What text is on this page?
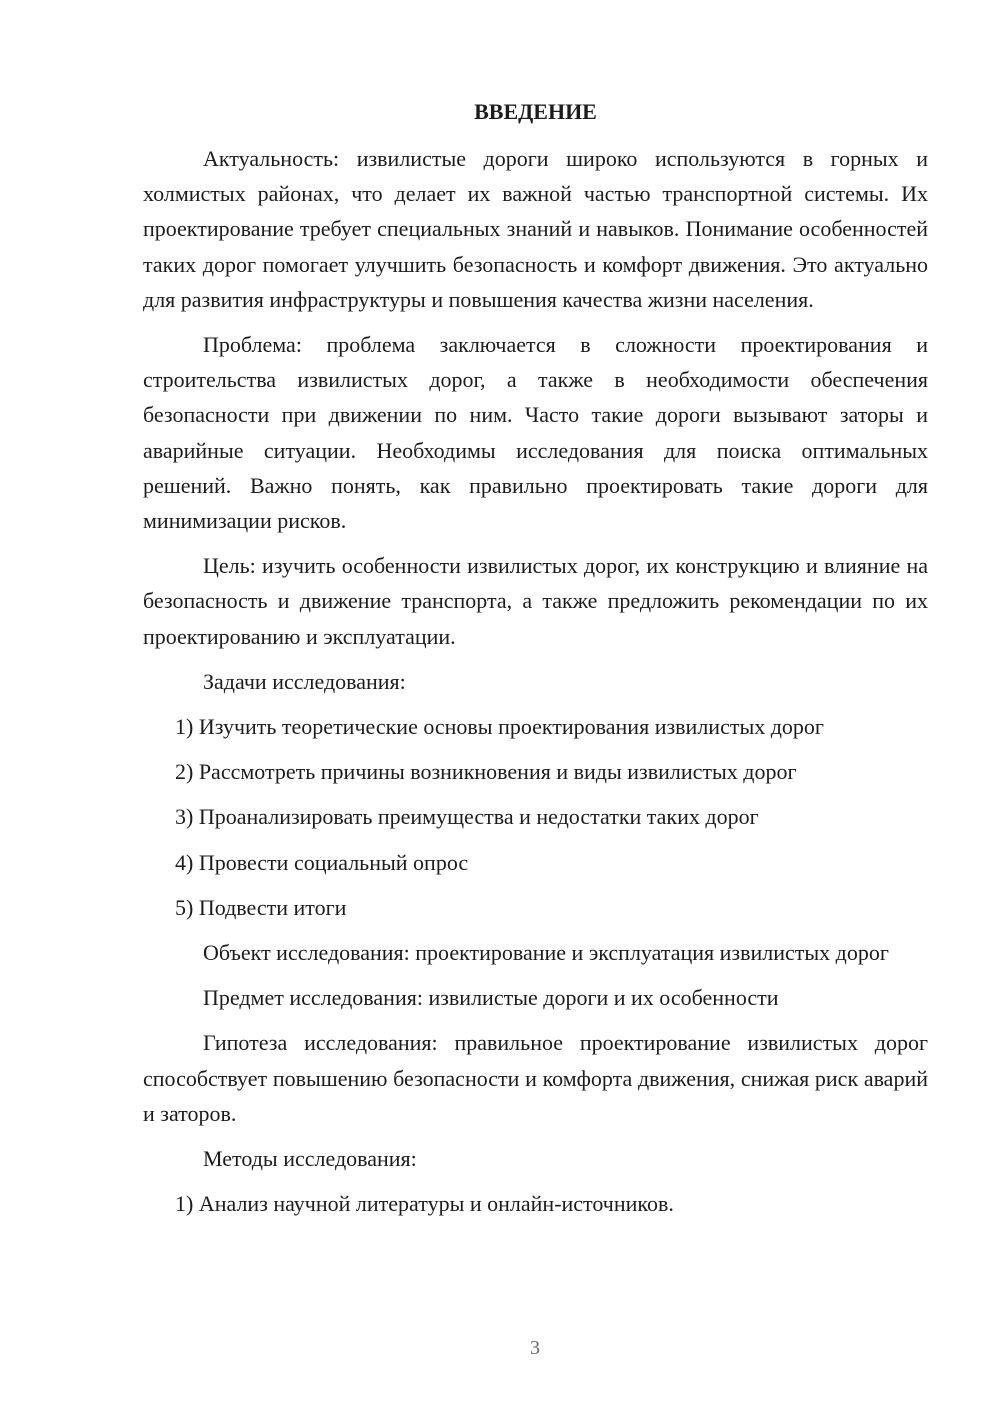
ВВЕДЕНИЕ

Актуальность: извилистые дороги широко используются в горных и холмистых районах, что делает их важной частью транспортной системы. Их проектирование требует специальных знаний и навыков. Понимание особенностей таких дорог помогает улучшить безопасность и комфорт движения. Это актуально для развития инфраструктуры и повышения качества жизни населения.

Проблема: проблема заключается в сложности проектирования и строительства извилистых дорог, а также в необходимости обеспечения безопасности при движении по ним. Часто такие дороги вызывают заторы и аварийные ситуации. Необходимы исследования для поиска оптимальных решений. Важно понять, как правильно проектировать такие дороги для минимизации рисков.

Цель: изучить особенности извилистых дорог, их конструкцию и влияние на безопасность и движение транспорта, а также предложить рекомендации по их проектированию и эксплуатации.

Задачи исследования:

1) Изучить теоретические основы проектирования извилистых дорог

2) Рассмотреть причины возникновения и виды извилистых дорог

3) Проанализировать преимущества и недостатки таких дорог

4) Провести социальный опрос

5) Подвести итоги

Объект исследования: проектирование и эксплуатация извилистых дорог

Предмет исследования: извилистые дороги и их особенности

Гипотеза исследования: правильное проектирование извилистых дорог способствует повышению безопасности и комфорта движения, снижая риск аварий и заторов.

Методы исследования:

1) Анализ научной литературы и онлайн-источников.

3
